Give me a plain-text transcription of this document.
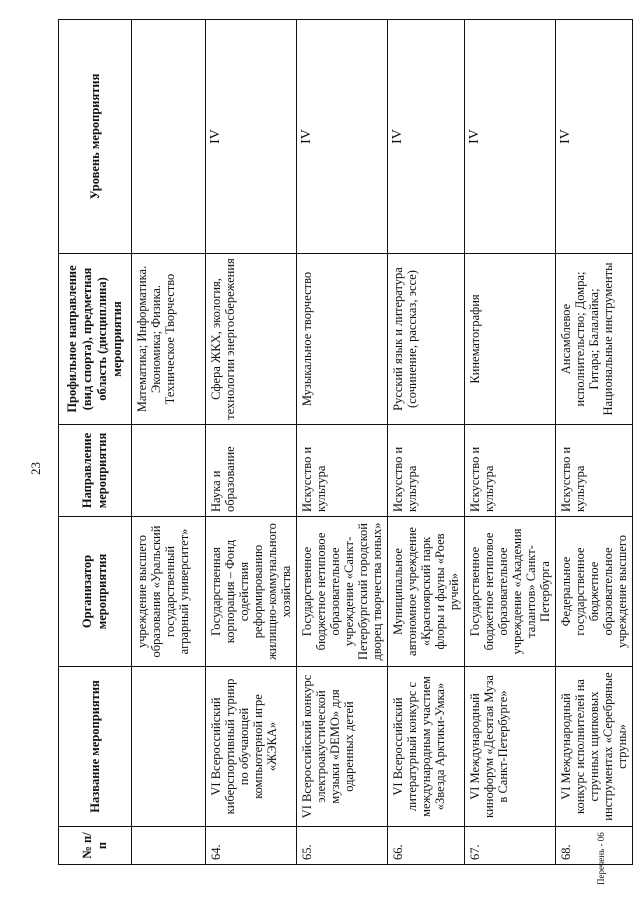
23
№ п/п	Название мероприятия	Организатор мероприятия	Направление мероприятия	Профильное направление (вид спорта), предметная область (дисциплина) мероприятия	Уровень мероприятия
		учреждение высшего образования «Уральский государственный аграрный университет»		Математика; Информатика. Экономика; Физика. Техническое Творчество	
64.	VI Всероссийский киберспортивный турнир по обучающей компьютерной игре «ЖЭКА»	Государственная корпорация – Фонд содействия реформированию жилищно-коммунального хозяйства	Наука и образование	Сфера ЖКХ, экология, технологии энергосбережения	IV
65.	VI Всероссийский конкурс электроакустической музыки «DEMO» для одаренных детей	Государственное бюджетное нетиповое образовательное учреждение «Санкт-Петербургский городской дворец творчества юных»	Искусство и культура	Музыкальное творчество	IV
66.	VI Всероссийский литературный конкурс с международным участием «Звезда Арктики-Умка»	Муниципальное автономное учреждение «Красноярский парк флоры и фауны «Роев ручей»	Искусство и культура	Русский язык и литература (сочинение, рассказ, эссе)	IV
67.	VI Международный кинофорум «Десятая Муза в Санкт-Петербурге»	Государственное бюджетное нетиповое образовательное учреждение «Академия талантов» Санкт-Петербурга	Искусство и культура	Кинематография	IV
68.	VI Международный конкурс исполнителей на струнных щипковых инструментах «Серебряные струны»	Федеральное государственное бюджетное образовательное учреждение высшего	Искусство и культура	Ансамблевое исполнительство; Домра; Гитара; Балалайка; Национальные инструменты	IV
Перечень - 06
